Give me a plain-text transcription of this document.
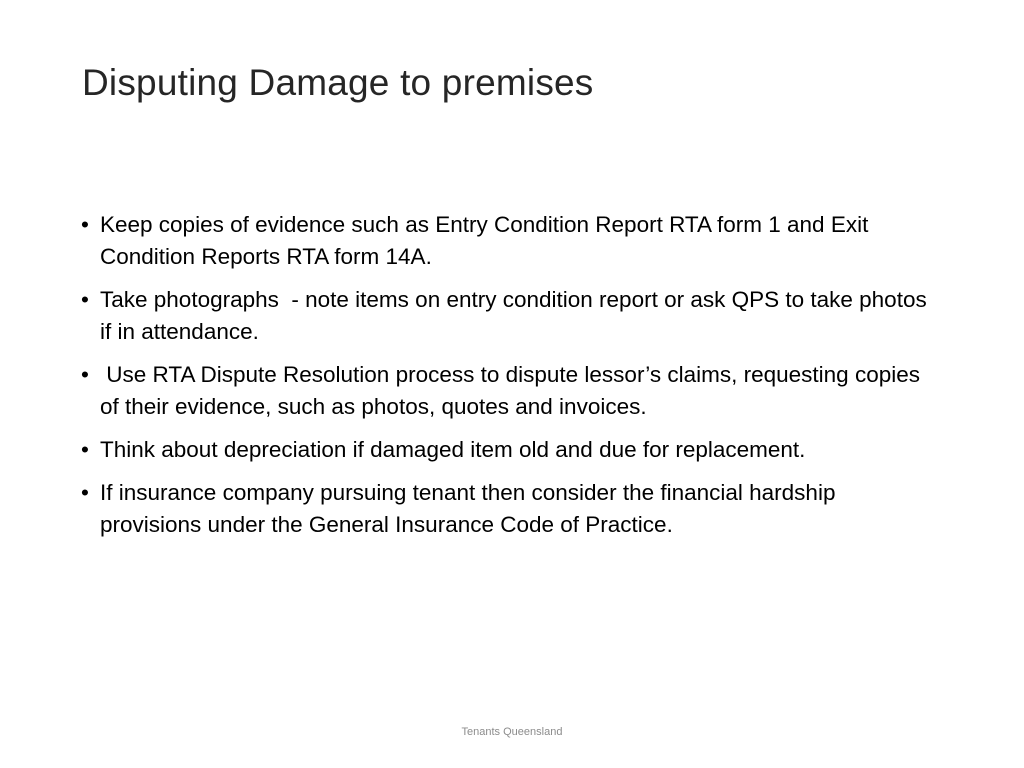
Disputing Damage to premises
• Keep copies of evidence such as Entry Condition Report RTA form 1 and Exit Condition Reports RTA form 14A.
• Take photographs  - note items on entry condition report or ask QPS to take photos if in attendance.
• Use RTA Dispute Resolution process to dispute lessor’s claims, requesting copies of their evidence, such as photos, quotes and invoices.
• Think about depreciation if damaged item old and due for replacement.
• If insurance company pursuing tenant then consider the financial hardship provisions under the General Insurance Code of Practice.
Tenants Queensland
